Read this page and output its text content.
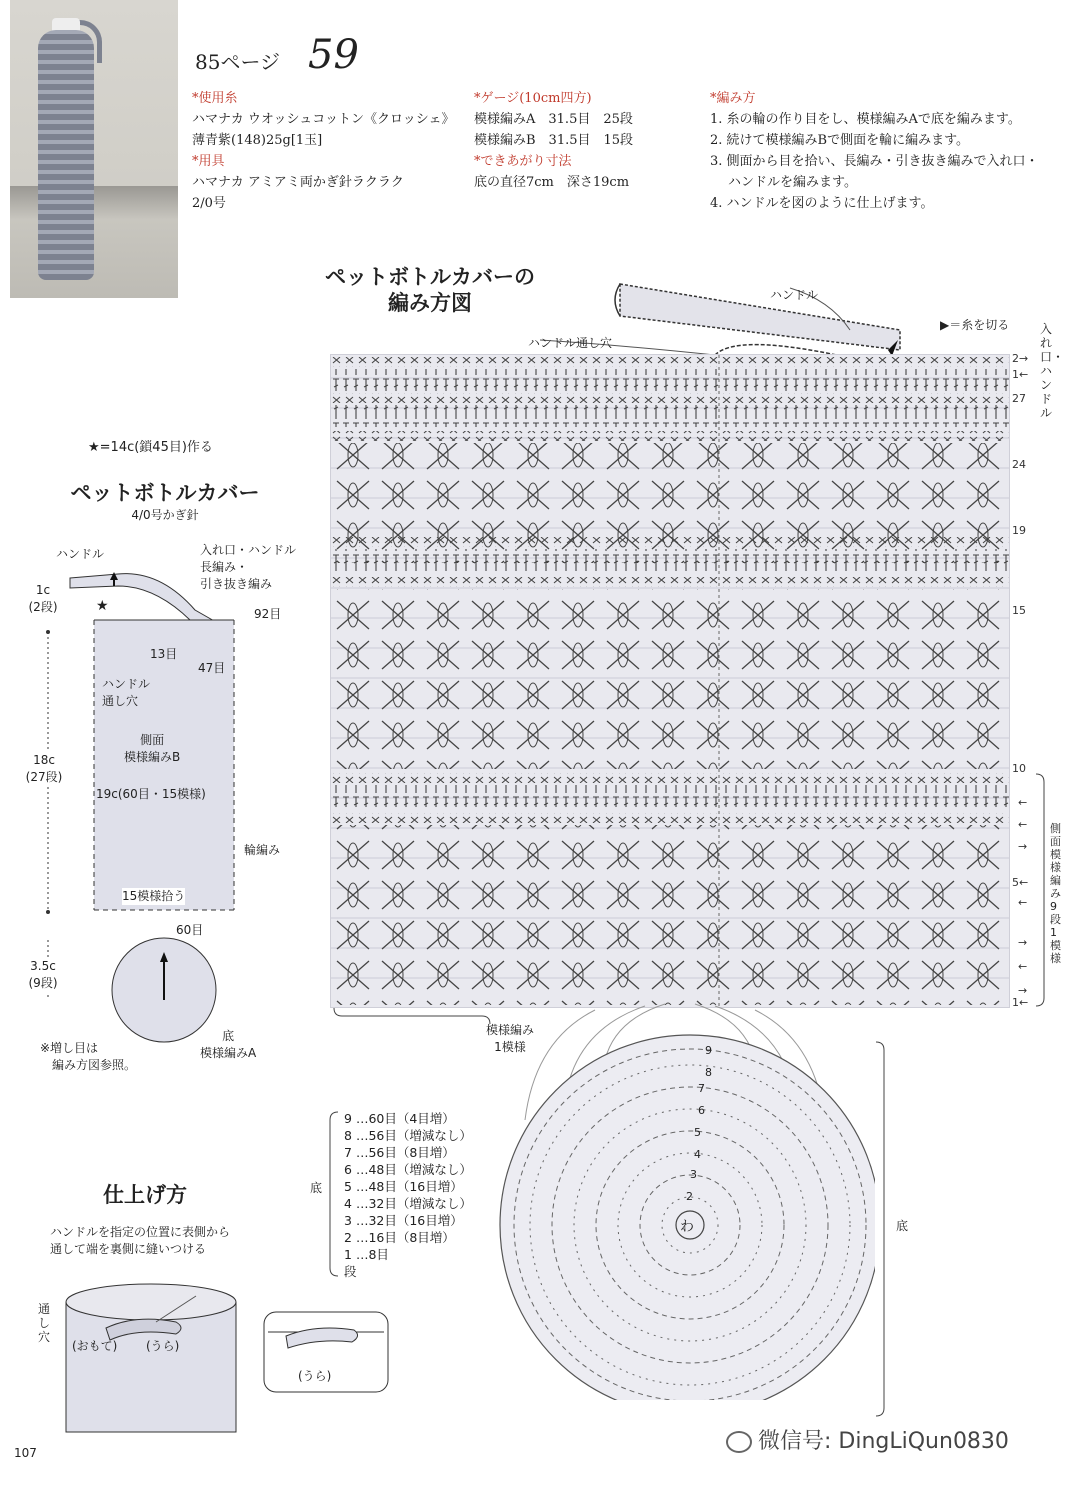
85ページ 59
*使用糸
ハマナカ ウオッシュコットン《クロッシェ》
薄青紫(148)25g[1玉]
*用具
ハマナカ アミアミ両かぎ針ラクラク
2/0号
*ゲージ(10cm四方)
模様編みA　31.5目　25段
模様編みB　31.5目　15段
*できあがり寸法
底の直径7cm　深さ19cm
*編み方
1. 糸の輪の作り目をし、模様編みAで底を編みます。
2. 続けて模様編みBで側面を輪に編みます。
3. 側面から目を拾い、長編み・引き抜き編みで入れ口・
ハンドルを編みます。
4. ハンドルを図のように仕上げます。
ペットボトルカバーの
編み方図	ハンドル
ハンドル通し穴
▶＝糸を切る	入れ口・ハンドル
2→
1←
27
24
19
15
10
5←
1←
←
←
→
←
→
←
→
側面 模様編み 9段1模様
模様編み
1模様
わ
9
8
7
6
5
4
3
2
底
底
9 …60目（4目増）
8 …56目（増減なし）
7 …56目（8目増）
6 …48目（増減なし）
5 …48目（16目増）
4 …32目（増減なし）
3 …32目（16目増）
2 …16目（8目増）
1 …8目
段
★=14c(鎖45目)作る
ペットボトルカバー
4/0号かぎ針
ハンドル
★
入れ口・ハンドル
長編み・
引き抜き編み
92目
1c
(2段)
13目
47目
ハンドル
通し穴
側面
模様編みB
18c
(27段)
19c(60目・15模様)
輪編み
15模様拾う
60目
3.5c
(9段)
底
模様編みA
※増し目は
編み方図参照。
仕上げ方
ハンドルを指定の位置に表側から
通して端を裏側に縫いつける
通し穴
(おもて) (うら)
(うら)
107	微信号: DingLiQun0830
